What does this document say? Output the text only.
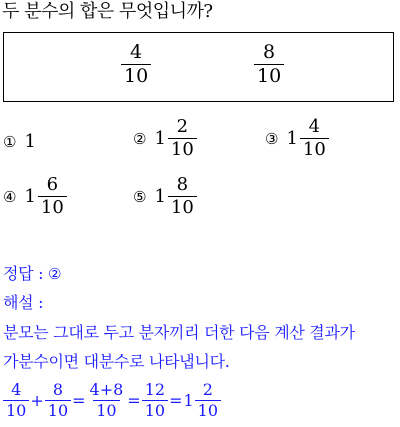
두 분수의 합은 무엇입니까?
$\frac{4}{10}$	$\frac{8}{10}$
① 1	② $1 \frac{2}{10}$	③ $1 \frac{4}{10}$
④ $1 \frac{6}{10}$	⑤ $1 \frac{8}{10}$
정답 : ②
해설 :
분모는 그대로 두고 분자끼리 더한 다음 계산 결과가
가분수이면 대분수로 나타냅니다.
$\frac{4}{10} + \frac{8}{10} = \frac{4+8}{10} = \frac{12}{10} = 1 \frac{2}{10}$
